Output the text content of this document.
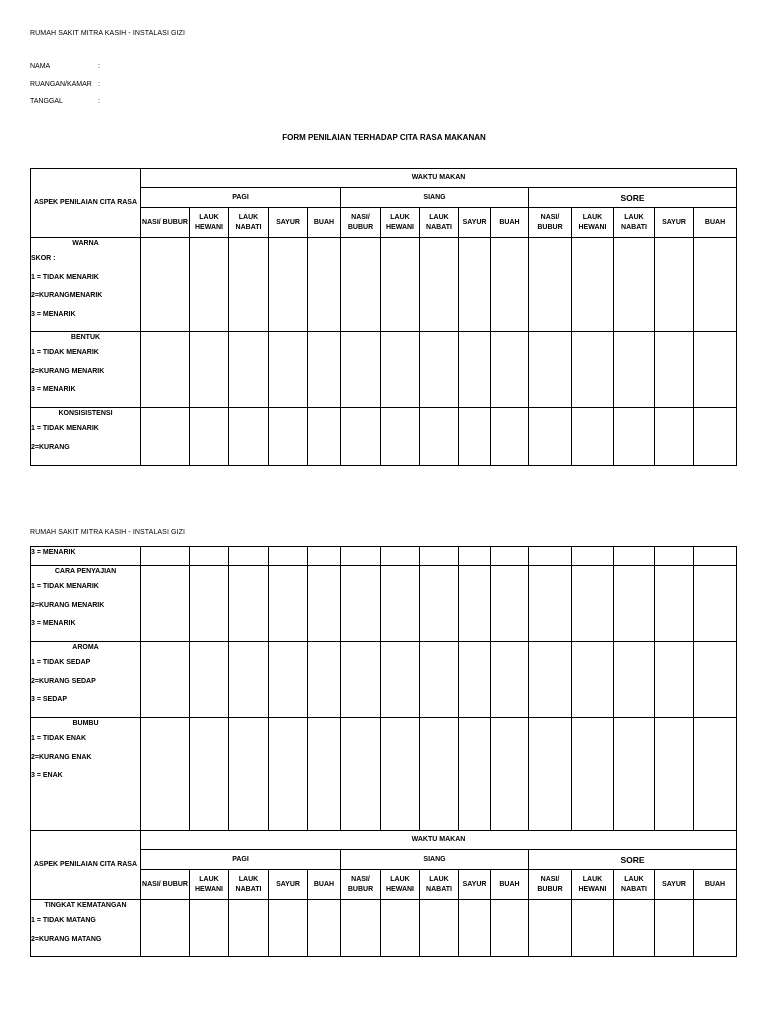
RUMAH SAKIT MITRA KASIH - INSTALASI GIZI
NAMA	:
RUANGAN/KAMAR :
TANGGAL	:
FORM PENILAIAN TERHADAP CITA RASA MAKANAN
ASPEK PENILAIAN CITA RASA	WAKTU MAKAN														
	PAGI					SIANG					SORE				
	NASI/ BUBUR	LAUK HEWANI	LAUK NABATI	SAYUR	BUAH	NASI/ BUBUR	LAUK HEWANI	LAUK NABATI	SAYUR	BUAH	NASI/ BUBUR	LAUK HEWANI	LAUK NABATI	SAYUR	BUAH

WARNA
SKOR :
1 = TIDAK MENARIK
2=KURANGMENARIK
3 = MENARIK															

BENTUK
1 = TIDAK MENARIK
2=KURANG MENARIK
3 = MENARIK															

KONSISISTENSI
1 = TIDAK MENARIK
2=KURANG															

RUMAH SAKIT MITRA KASIH - INSTALASI GIZI
3 = MENARIK															

CARA PENYAJIAN
1 = TIDAK MENARIK
2=KURANG MENARIK
3 = MENARIK															

AROMA
1 = TIDAK SEDAP
2=KURANG SEDAP
3 = SEDAP															

BUMBU
1 = TIDAK ENAK
2=KURANG ENAK
3 = ENAK															

ASPEK PENILAIAN CITA RASA	WAKTU MAKAN														
	PAGI					SIANG					SORE				
	NASI/ BUBUR	LAUK HEWANI	LAUK NABATI	SAYUR	BUAH	NASI/ BUBUR	LAUK HEWANI	LAUK NABATI	SAYUR	BUAH	NASI/ BUBUR	LAUK HEWANI	LAUK NABATI	SAYUR	BUAH

TINGKAT KEMATANGAN
1 = TIDAK MATANG
2=KURANG MATANG															
